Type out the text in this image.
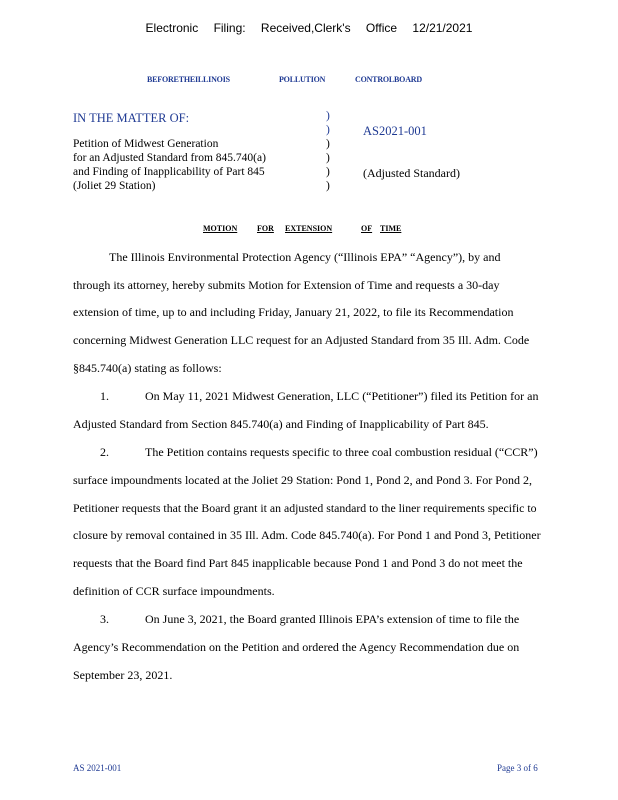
Electronic Filing: Received,Clerk's Office 12/21/2021
BEFORETHEILLINOIS	POLLUTION	CONTROLBOARD
IN THE MATTER OF:
Petition of Midwest Generation
for an Adjusted Standard from 845.740(a)
and Finding of Inapplicability of Part 845
(Joliet 29 Station)
)
)
)
)
)
)
AS2021-001
(Adjusted Standard)
MOTION FOR EXTENSION	OF TIME
The Illinois Environmental Protection Agency (“Illinois EPA” “Agency”), by and
through its attorney, hereby submits Motion for Extension of Time and requests a 30-day
extension of time, up to and including Friday, January 21, 2022, to file its Recommendation
concerning Midwest Generation LLC request for an Adjusted Standard from 35 Ill. Adm. Code
§845.740(a) stating as follows:
1.	On May 11, 2021 Midwest Generation, LLC (“Petitioner”) filed its Petition for an
Adjusted Standard from Section 845.740(a) and Finding of Inapplicability of Part 845.
2.	The Petition contains requests specific to three coal combustion residual (“CCR”)
surface impoundments located at the Joliet 29 Station: Pond 1, Pond 2, and Pond 3. For Pond 2,
Petitioner requests that the Board grant it an adjusted standard to the liner requirements specific to
closure by removal contained in 35 Ill. Adm. Code 845.740(a). For Pond 1 and Pond 3, Petitioner
requests that the Board find Part 845 inapplicable because Pond 1 and Pond 3 do not meet the
definition of CCR surface impoundments.
3.	On June 3, 2021, the Board granted Illinois EPA’s extension of time to file the
Agency’s Recommendation on the Petition and ordered the Agency Recommendation due on
September 23, 2021.
AS 2021-001	Page 3 of 6
